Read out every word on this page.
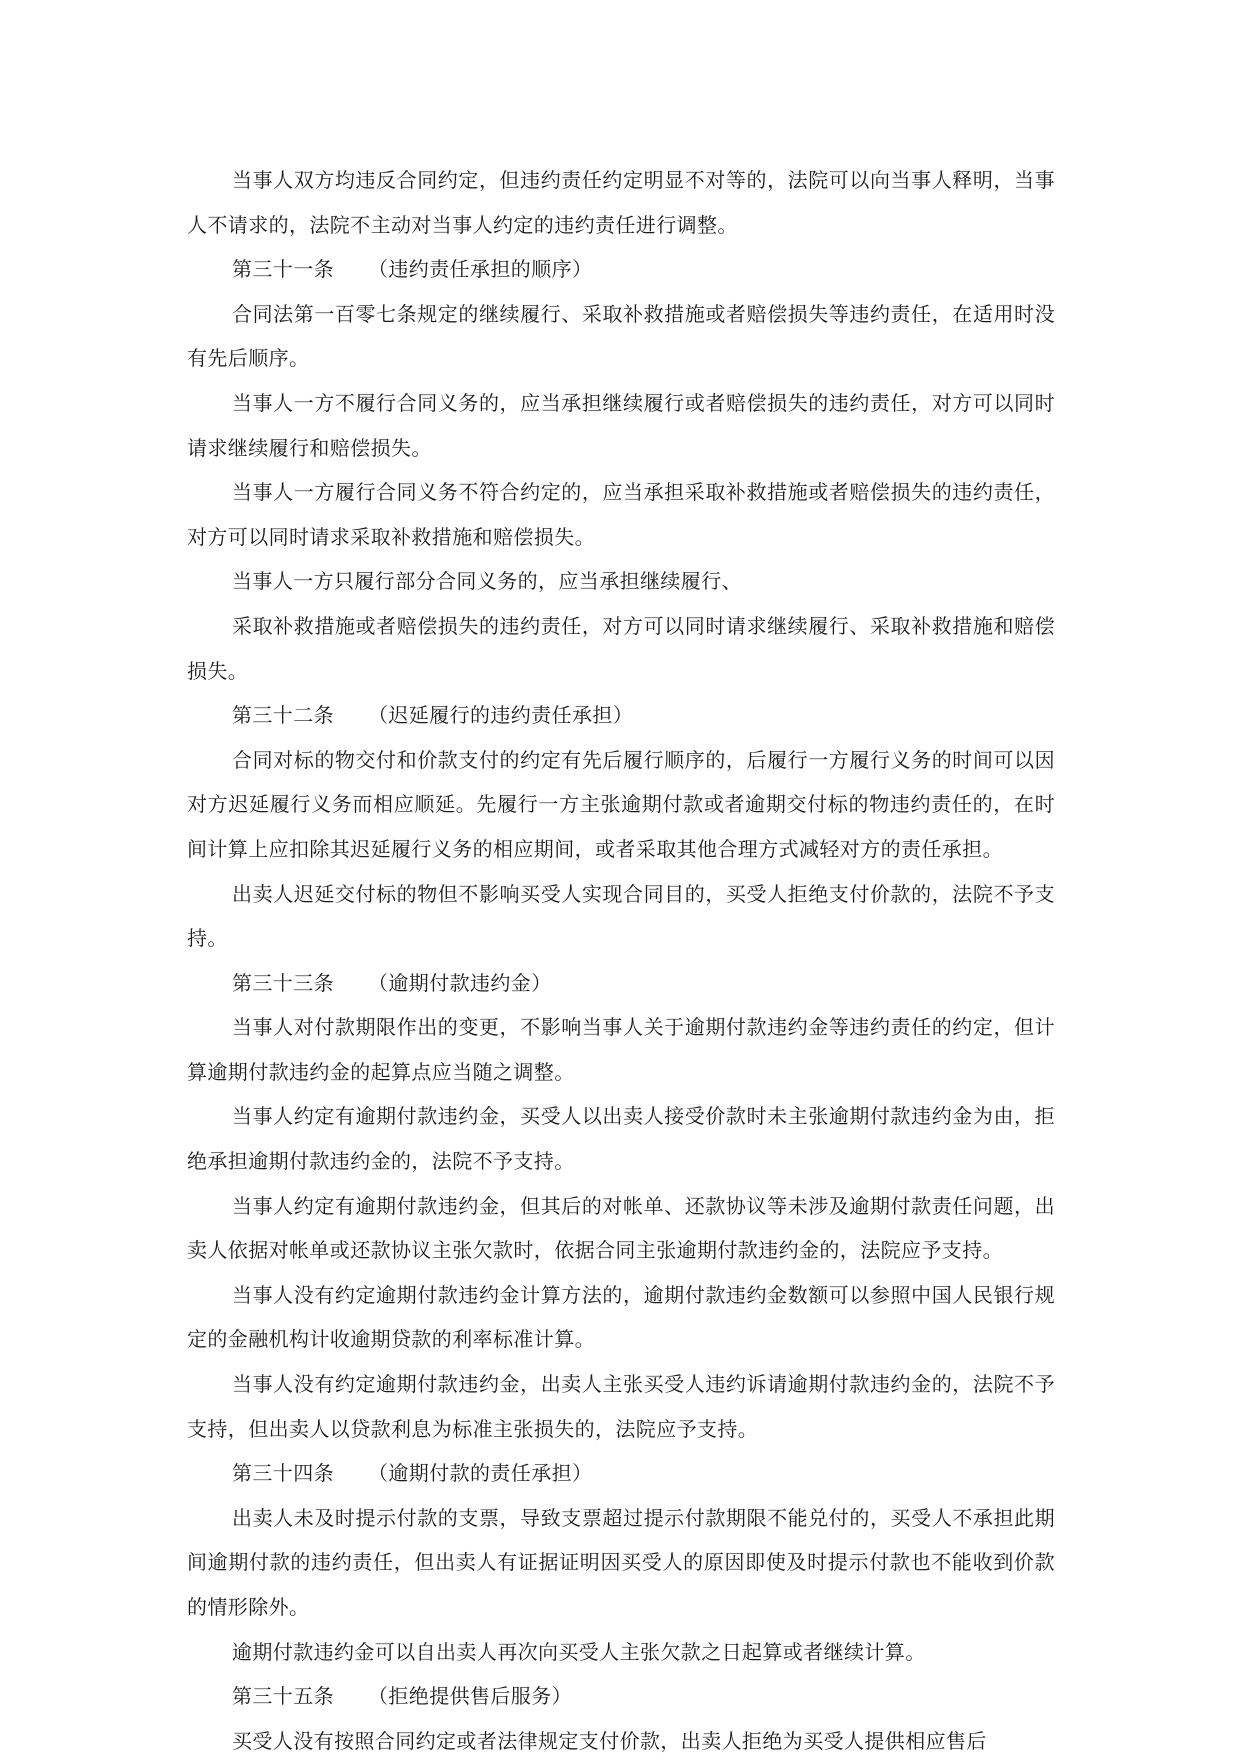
当事人双方均违反合同约定，但违约责任约定明显不对等的，法院可以向当事人释明，当事人不请求的，法院不主动对当事人约定的违约责任进行调整。

第三十一条 （违约责任承担的顺序）

合同法第一百零七条规定的继续履行、采取补救措施或者赔偿损失等违约责任，在适用时没有先后顺序。

当事人一方不履行合同义务的，应当承担继续履行或者赔偿损失的违约责任，对方可以同时请求继续履行和赔偿损失。

当事人一方履行合同义务不符合约定的，应当承担采取补救措施或者赔偿损失的违约责任，对方可以同时请求采取补救措施和赔偿损失。

当事人一方只履行部分合同义务的，应当承担继续履行、

采取补救措施或者赔偿损失的违约责任，对方可以同时请求继续履行、采取补救措施和赔偿损失。

第三十二条 （迟延履行的违约责任承担）

合同对标的物交付和价款支付的约定有先后履行顺序的，后履行一方履行义务的时间可以因对方迟延履行义务而相应顺延。先履行一方主张逾期付款或者逾期交付标的物违约责任的，在时间计算上应扣除其迟延履行义务的相应期间，或者采取其他合理方式减轻对方的责任承担。

出卖人迟延交付标的物但不影响买受人实现合同目的，买受人拒绝支付价款的，法院不予支持。

第三十三条 （逾期付款违约金）

当事人对付款期限作出的变更，不影响当事人关于逾期付款违约金等违约责任的约定，但计算逾期付款违约金的起算点应当随之调整。

当事人约定有逾期付款违约金，买受人以出卖人接受价款时未主张逾期付款违约金为由，拒绝承担逾期付款违约金的，法院不予支持。

当事人约定有逾期付款违约金，但其后的对帐单、还款协议等未涉及逾期付款责任问题，出卖人依据对帐单或还款协议主张欠款时，依据合同主张逾期付款违约金的，法院应予支持。

当事人没有约定逾期付款违约金计算方法的，逾期付款违约金数额可以参照中国人民银行规定的金融机构计收逾期贷款的利率标准计算。

当事人没有约定逾期付款违约金，出卖人主张买受人违约诉请逾期付款违约金的，法院不予支持，但出卖人以贷款利息为标准主张损失的，法院应予支持。

第三十四条 （逾期付款的责任承担）

出卖人未及时提示付款的支票，导致支票超过提示付款期限不能兑付的，买受人不承担此期间逾期付款的违约责任，但出卖人有证据证明因买受人的原因即使及时提示付款也不能收到价款的情形除外。

逾期付款违约金可以自出卖人再次向买受人主张欠款之日起算或者继续计算。

第三十五条 （拒绝提供售后服务）

买受人没有按照合同约定或者法律规定支付价款，出卖人拒绝为买受人提供相应售后
